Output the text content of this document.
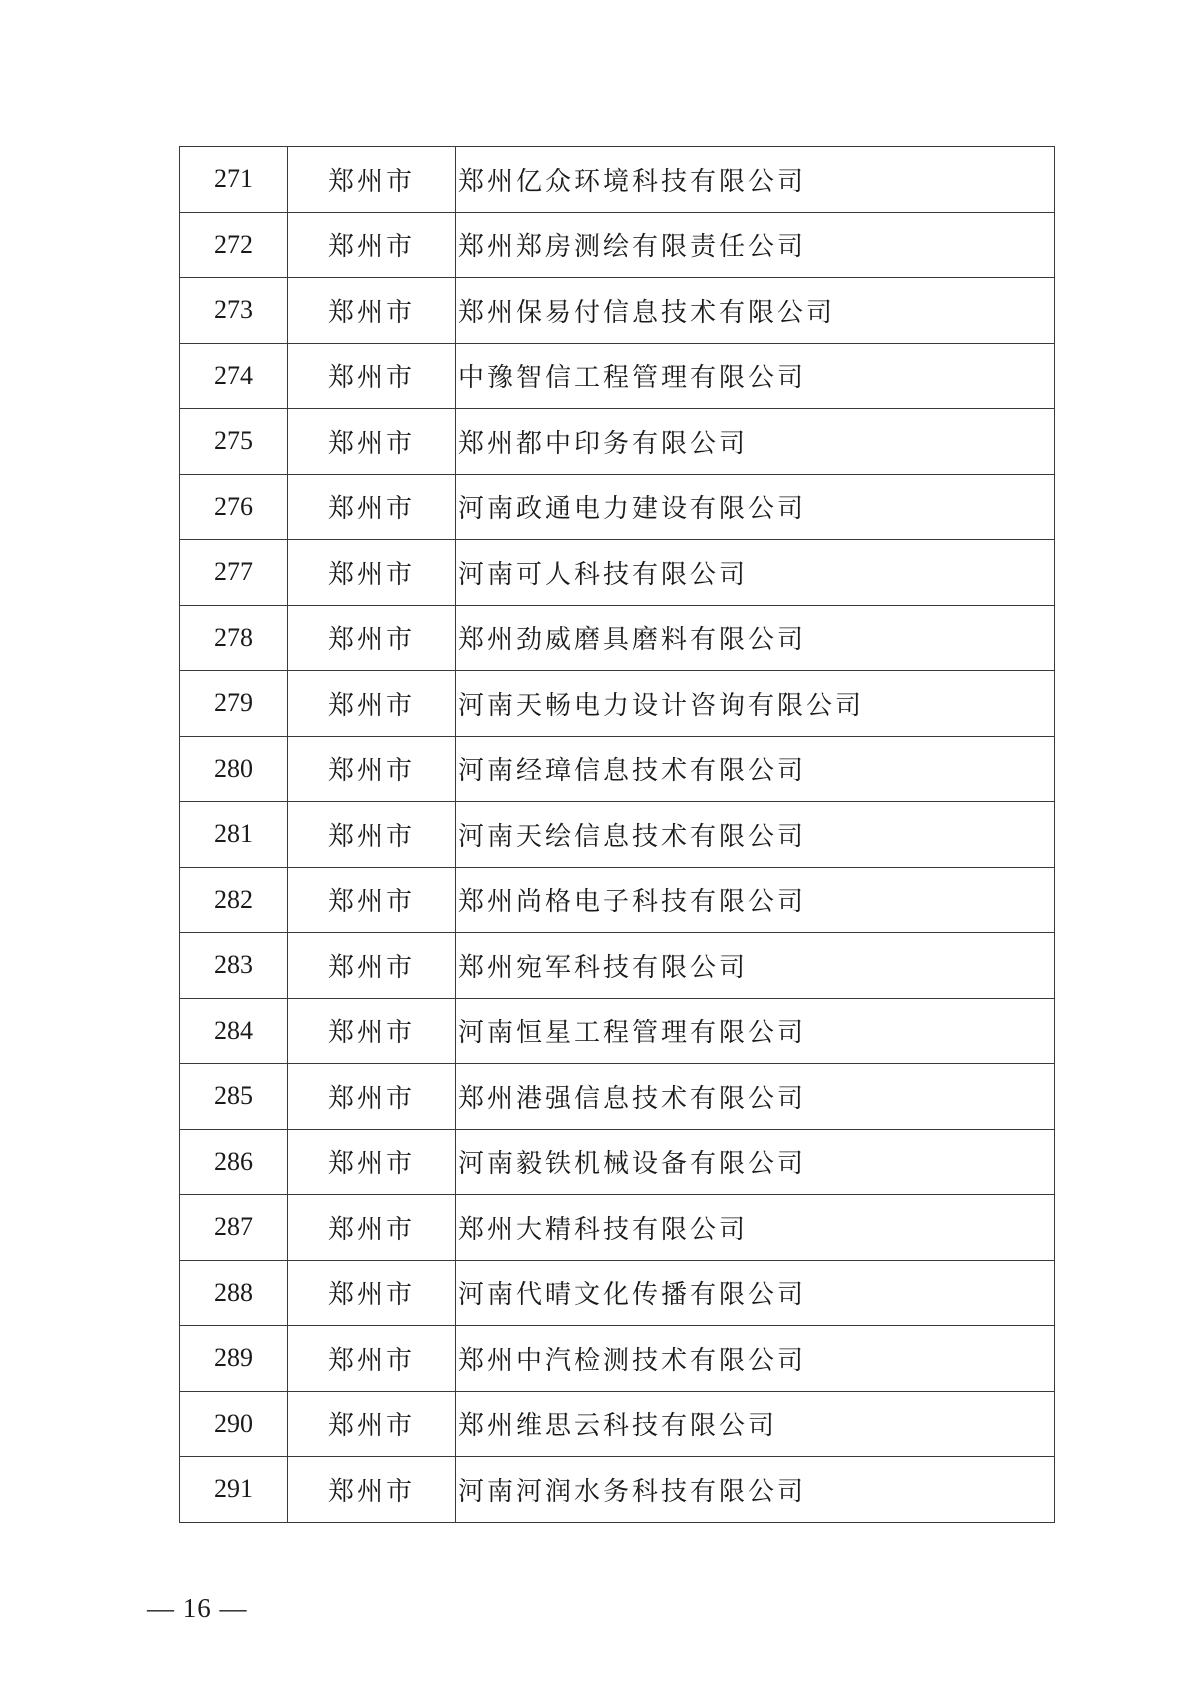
271	郑州市	郑州亿众环境科技有限公司
272	郑州市	郑州郑房测绘有限责任公司
273	郑州市	郑州保易付信息技术有限公司
274	郑州市	中豫智信工程管理有限公司
275	郑州市	郑州都中印务有限公司
276	郑州市	河南政通电力建设有限公司
277	郑州市	河南可人科技有限公司
278	郑州市	郑州劲威磨具磨料有限公司
279	郑州市	河南天畅电力设计咨询有限公司
280	郑州市	河南经璋信息技术有限公司
281	郑州市	河南天绘信息技术有限公司
282	郑州市	郑州尚格电子科技有限公司
283	郑州市	郑州宛军科技有限公司
284	郑州市	河南恒星工程管理有限公司
285	郑州市	郑州港强信息技术有限公司
286	郑州市	河南毅铁机械设备有限公司
287	郑州市	郑州大精科技有限公司
288	郑州市	河南代晴文化传播有限公司
289	郑州市	郑州中汽检测技术有限公司
290	郑州市	郑州维思云科技有限公司
291	郑州市	河南河润水务科技有限公司
— 16 —
